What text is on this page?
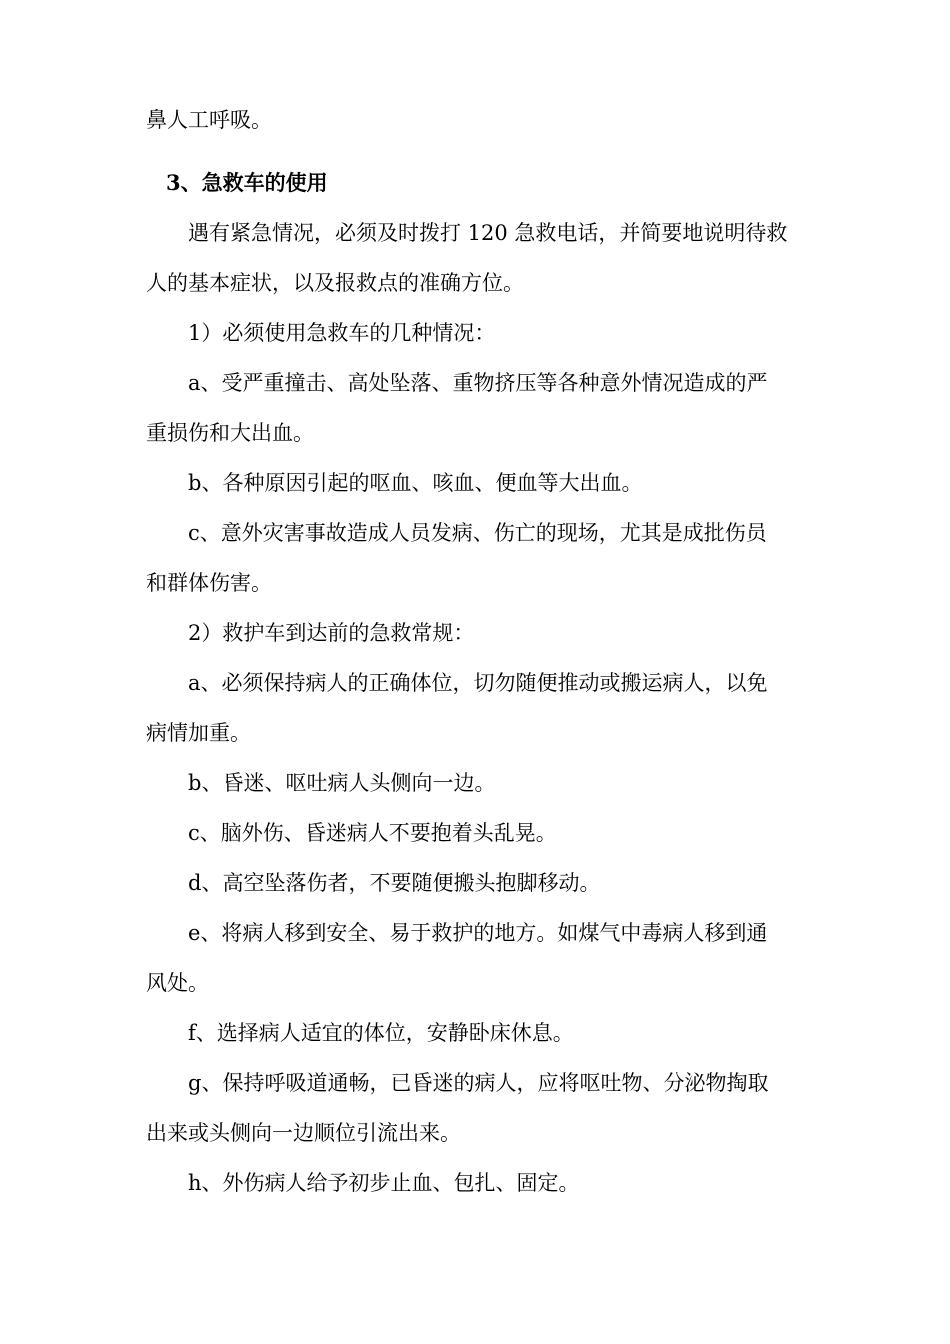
鼻人工呼吸。

3、急救车的使用

遇有紧急情况，必须及时拨打 120 急救电话，并简要地说明待救

人的基本症状，以及报救点的准确方位。

1）必须使用急救车的几种情况：

a、受严重撞击、高处坠落、重物挤压等各种意外情况造成的严

重损伤和大出血。

b、各种原因引起的呕血、咳血、便血等大出血。

c、意外灾害事故造成人员发病、伤亡的现场，尤其是成批伤员

和群体伤害。

2）救护车到达前的急救常规：

a、必须保持病人的正确体位，切勿随便推动或搬运病人，以免

病情加重。

b、昏迷、呕吐病人头侧向一边。

c、脑外伤、昏迷病人不要抱着头乱晃。

d、高空坠落伤者，不要随便搬头抱脚移动。

e、将病人移到安全、易于救护的地方。如煤气中毒病人移到通

风处。

f、选择病人适宜的体位，安静卧床休息。

g、保持呼吸道通畅，已昏迷的病人，应将呕吐物、分泌物掏取

出来或头侧向一边顺位引流出来。

h、外伤病人给予初步止血、包扎、固定。
